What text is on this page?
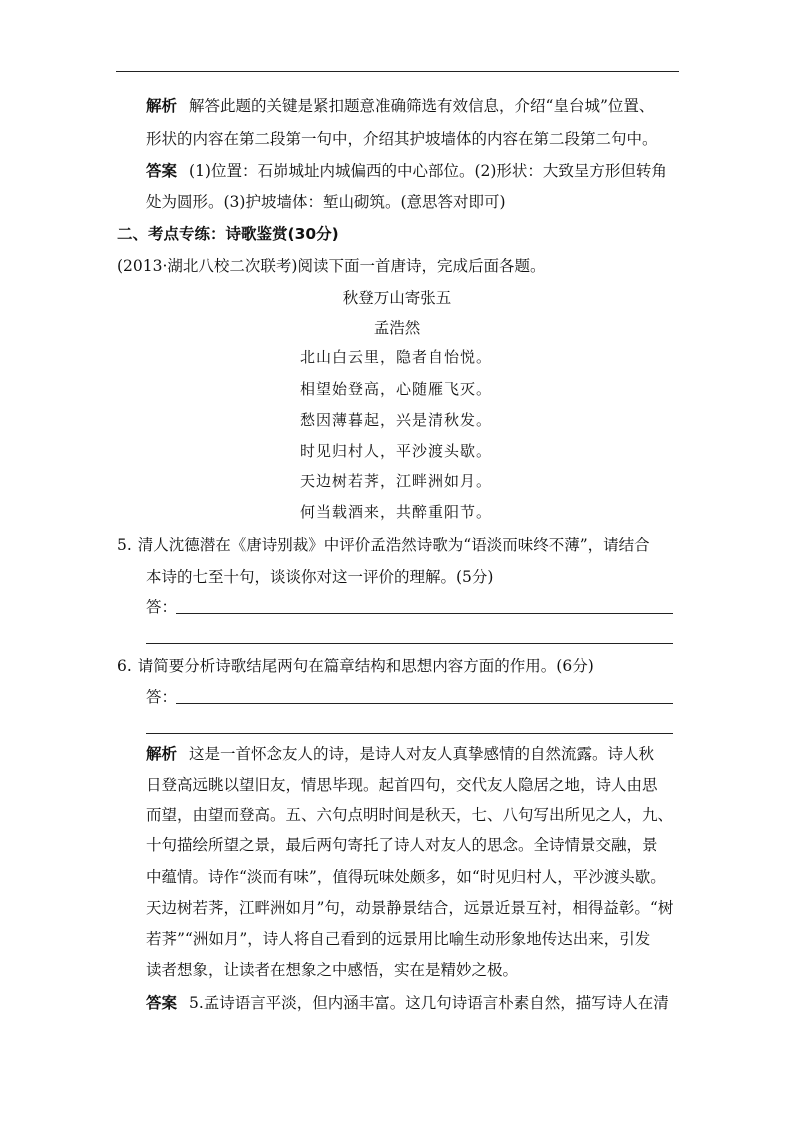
解析 解答此题的关键是紧扣题意准确筛选有效信息，介绍“皇台城”位置、
形状的内容在第二段第一句中，介绍其护坡墙体的内容在第二段第二句中。
答案 (1)位置：石峁城址内城偏西的中心部位。(2)形状：大致呈方形但转角
处为圆形。(3)护坡墙体：堑山砌筑。(意思答对即可)
二、考点专练：诗歌鉴赏(30分)
(2013·湖北八校二次联考)阅读下面一首唐诗，完成后面各题。
秋登万山寄张五
孟浩然
北山白云里，隐者自怡悦。
相望始登高，心随雁飞灭。
愁因薄暮起，兴是清秋发。
时见归村人，平沙渡头歇。
天边树若荠，江畔洲如月。
何当载酒来，共醉重阳节。
5. 清人沈德潜在《唐诗别裁》中评价孟浩然诗歌为“语淡而味终不薄”，请结合
本诗的七至十句，谈谈你对这一评价的理解。(5分)
答：
6. 请简要分析诗歌结尾两句在篇章结构和思想内容方面的作用。(6分)
答：
解析 这是一首怀念友人的诗，是诗人对友人真挚感情的自然流露。诗人秋
日登高远眺以望旧友，情思毕现。起首四句，交代友人隐居之地，诗人由思
而望，由望而登高。五、六句点明时间是秋天，七、八句写出所见之人，九、
十句描绘所望之景，最后两句寄托了诗人对友人的思念。全诗情景交融，景
中蕴情。诗作“淡而有味”，值得玩味处颇多，如“时见归村人，平沙渡头歇。
天边树若荠，江畔洲如月”句，动景静景结合，远景近景互衬，相得益彰。“树
若荠”“洲如月”，诗人将自己看到的远景用比喻生动形象地传达出来，引发
读者想象，让读者在想象之中感悟，实在是精妙之极。
答案 5.孟诗语言平淡，但内涵丰富。这几句诗语言朴素自然，描写诗人在清
